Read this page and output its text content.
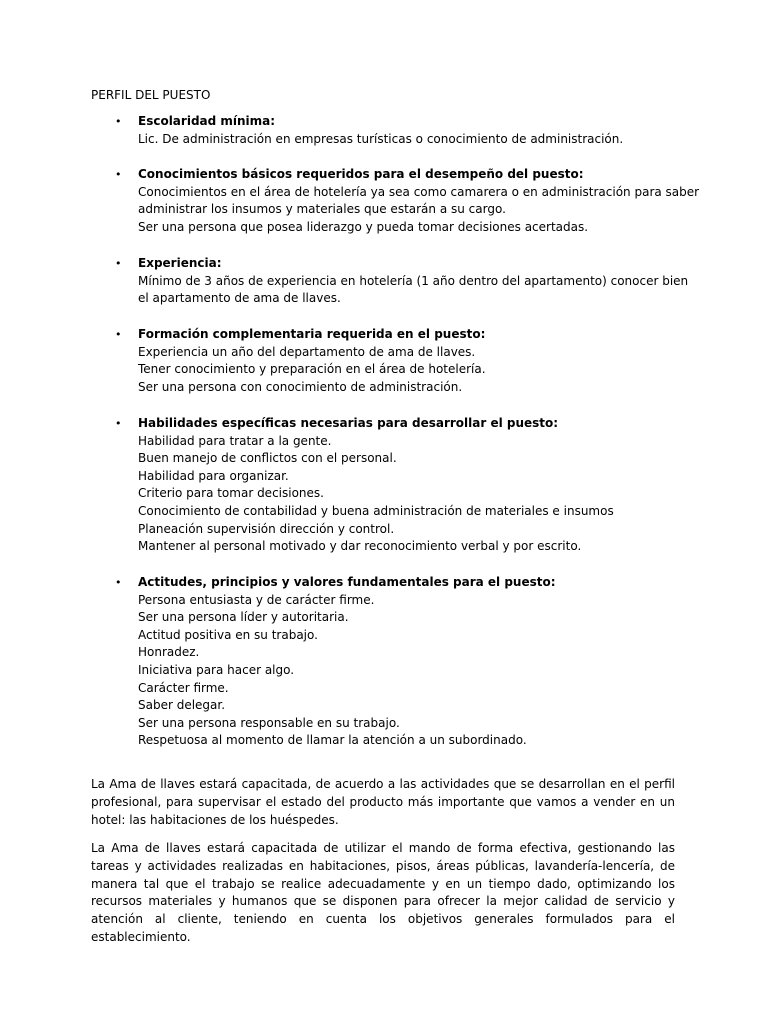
PERFIL DEL PUESTO
• Escolaridad mínima:
Lic. De administración en empresas turísticas o conocimiento de administración.
• Conocimientos básicos requeridos para el desempeño del puesto:
Conocimientos en el área de hotelería ya sea como camarera o en administración para saber
administrar los insumos y materiales que estarán a su cargo.
Ser una persona que posea liderazgo y pueda tomar decisiones acertadas.
• Experiencia:
Mínimo de 3 años de experiencia en hotelería (1 año dentro del apartamento) conocer bien
el apartamento de ama de llaves.
• Formación complementaria requerida en el puesto:
Experiencia un año del departamento de ama de llaves.
Tener conocimiento y preparación en el área de hotelería.
Ser una persona con conocimiento de administración.
• Habilidades específicas necesarias para desarrollar el puesto:
Habilidad para tratar a la gente.
Buen manejo de conflictos con el personal.
Habilidad para organizar.
Criterio para tomar decisiones.
Conocimiento de contabilidad y buena administración de materiales e insumos
Planeación supervisión dirección y control.
Mantener al personal motivado y dar reconocimiento verbal y por escrito.
• Actitudes, principios y valores fundamentales para el puesto:
Persona entusiasta y de carácter firme.
Ser una persona líder y autoritaria.
Actitud positiva en su trabajo.
Honradez.
Iniciativa para hacer algo.
Carácter firme.
Saber delegar.
Ser una persona responsable en su trabajo.
Respetuosa al momento de llamar la atención a un subordinado.
La Ama de llaves estará capacitada, de acuerdo a las actividades que se desarrollan en el perfil profesional, para supervisar el estado del producto más importante que vamos a vender en un hotel: las habitaciones de los huéspedes.
La Ama de llaves estará capacitada de utilizar el mando de forma efectiva, gestionando las tareas y actividades realizadas en habitaciones, pisos, áreas públicas, lavandería-lencería, de manera tal que el trabajo se realice adecuadamente y en un tiempo dado, optimizando los recursos materiales y humanos que se disponen para ofrecer la mejor calidad de servicio y atención al cliente, teniendo en cuenta los objetivos generales formulados para el establecimiento.
